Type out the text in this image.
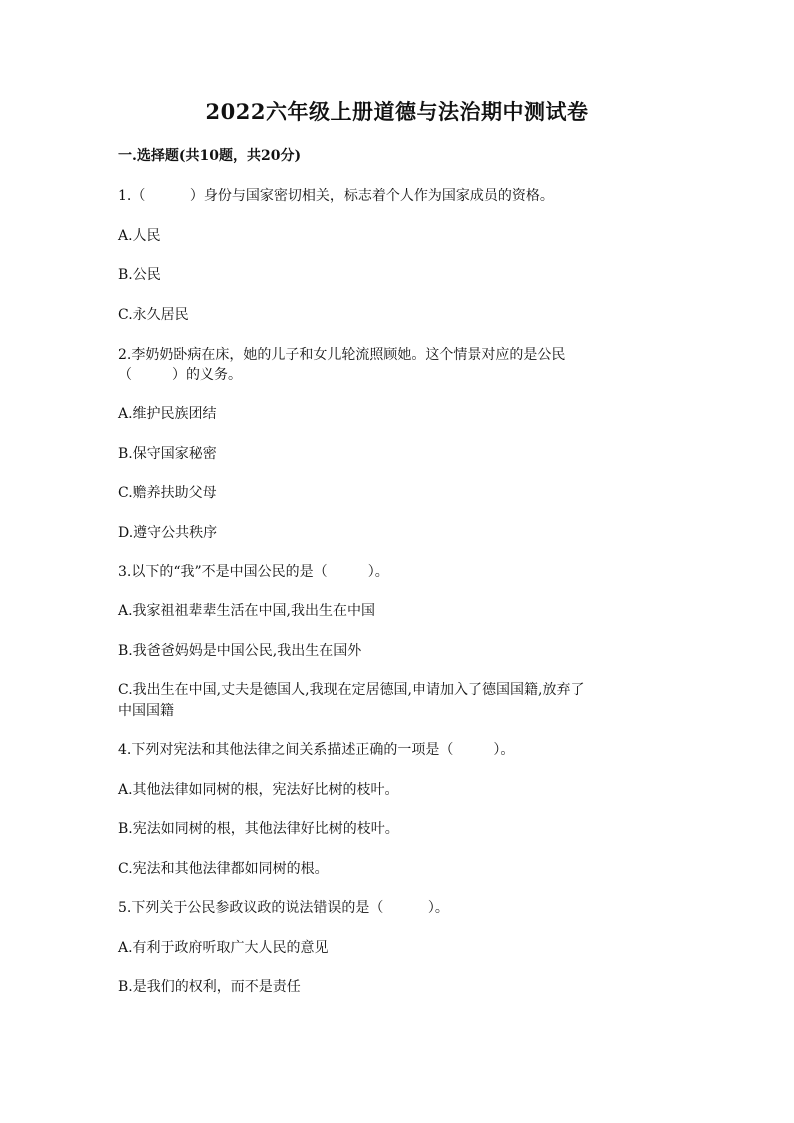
2022六年级上册道德与法治期中测试卷
一.选择题(共10题，共20分)
1.（          ）身份与国家密切相关，标志着个人作为国家成员的资格。
A.人民
B.公民
C.永久居民
2.李奶奶卧病在床，她的儿子和女儿轮流照顾她。这个情景对应的是公民
（         ）的义务。
A.维护民族团结
B.保守国家秘密
C.赡养扶助父母
D.遵守公共秩序
3.以下的“我”不是中国公民的是（         ）。
A.我家祖祖辈辈生活在中国,我出生在中国
B.我爸爸妈妈是中国公民,我出生在国外
C.我出生在中国,丈夫是德国人,我现在定居德国,申请加入了德国国籍,放弃了
中国国籍
4.下列对宪法和其他法律之间关系描述正确的一项是（         ）。
A.其他法律如同树的根，宪法好比树的枝叶。
B.宪法如同树的根，其他法律好比树的枝叶。
C.宪法和其他法律都如同树的根。
5.下列关于公民参政议政的说法错误的是（          ）。
A.有利于政府听取广大人民的意见
B.是我们的权利，而不是责任
